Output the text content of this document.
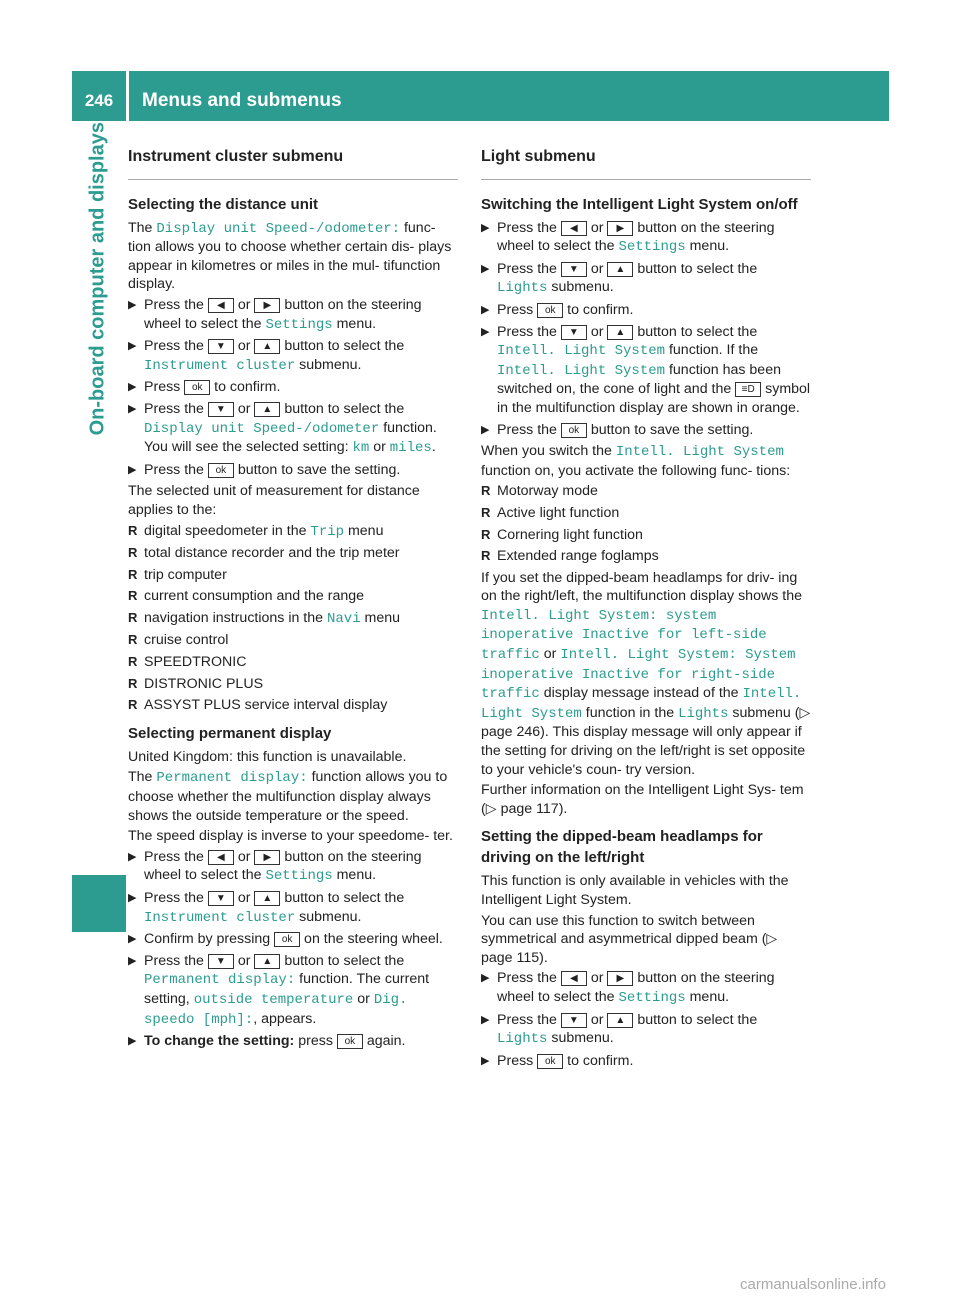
246	Menus and submenus
On-board computer and displays Instrument cluster submenu
Selecting the distance unit

The Display unit Speed-/odometer: func- tion allows you to choose whether certain dis- plays appear in kilometres or miles in the mul- tifunction display.

▶ Press the ◀ or ▶ button on the steering wheel to select the Settings menu.
▶ Press the ▼ or ▲ button to select the Instrument cluster submenu.
▶ Press ok to confirm.
▶ Press the ▼ or ▲ button to select the Display unit Speed-/odometer function. You will see the selected setting: km or miles.
▶ Press the ok button to save the setting.

The selected unit of measurement for distance applies to the:

R digital speedometer in the Trip menu
R total distance recorder and the trip meter
R trip computer
R current consumption and the range
R navigation instructions in the Navi menu
R cruise control
R SPEEDTRONIC
R DISTRONIC PLUS
R ASSYST PLUS service interval display
Selecting permanent display

United Kingdom: this function is unavailable.

The Permanent display: function allows you to choose whether the multifunction display always shows the outside temperature or the speed.

The speed display is inverse to your speedome- ter.

▶ Press the ◀ or ▶ button on the steering wheel to select the Settings menu.
▶ Press the ▼ or ▲ button to select the Instrument cluster submenu.
▶ Confirm by pressing ok on the steering wheel.
▶ Press the ▼ or ▲ button to select the Permanent display: function. The current setting, outside temperature or Dig. speedo [mph]:, appears.
▶ To change the setting: press ok again.
Light submenu
Switching the Intelligent Light System on/off
▶ Press the ◀ or ▶ button on the steering wheel to select the Settings menu.
▶ Press the ▼ or ▲ button to select the Lights submenu.
▶ Press ok to confirm.
▶ Press the ▼ or ▲ button to select the Intell. Light System function. If the Intell. Light System function has been switched on, the cone of light and the ≡D symbol in the multifunction display are shown in orange.
▶ Press the ok button to save the setting.

When you switch the Intell. Light System function on, you activate the following func- tions:

R Motorway mode
R Active light function
R Cornering light function
R Extended range foglamps

If you set the dipped-beam headlamps for driv- ing on the right/left, the multifunction display shows the Intell. Light System: system inoperative Inactive for left-side traffic or Intell. Light System: System inoperative Inactive for right-side traffic display message instead of the Intell. Light System function in the Lights submenu (▷ page 246). This display message will only appear if the setting for driving on the left/right is set opposite to your vehicle's coun- try version.

Further information on the Intelligent Light Sys- tem (▷ page 117).

Setting the dipped-beam headlamps for driving on the left/right

This function is only available in vehicles with the Intelligent Light System.

You can use this function to switch between symmetrical and asymmetrical dipped beam (▷ page 115).

▶ Press the ◀ or ▶ button on the steering wheel to select the Settings menu.
▶ Press the ▼ or ▲ button to select the Lights submenu.
▶ Press ok to confirm.
carmanualsonline.info
